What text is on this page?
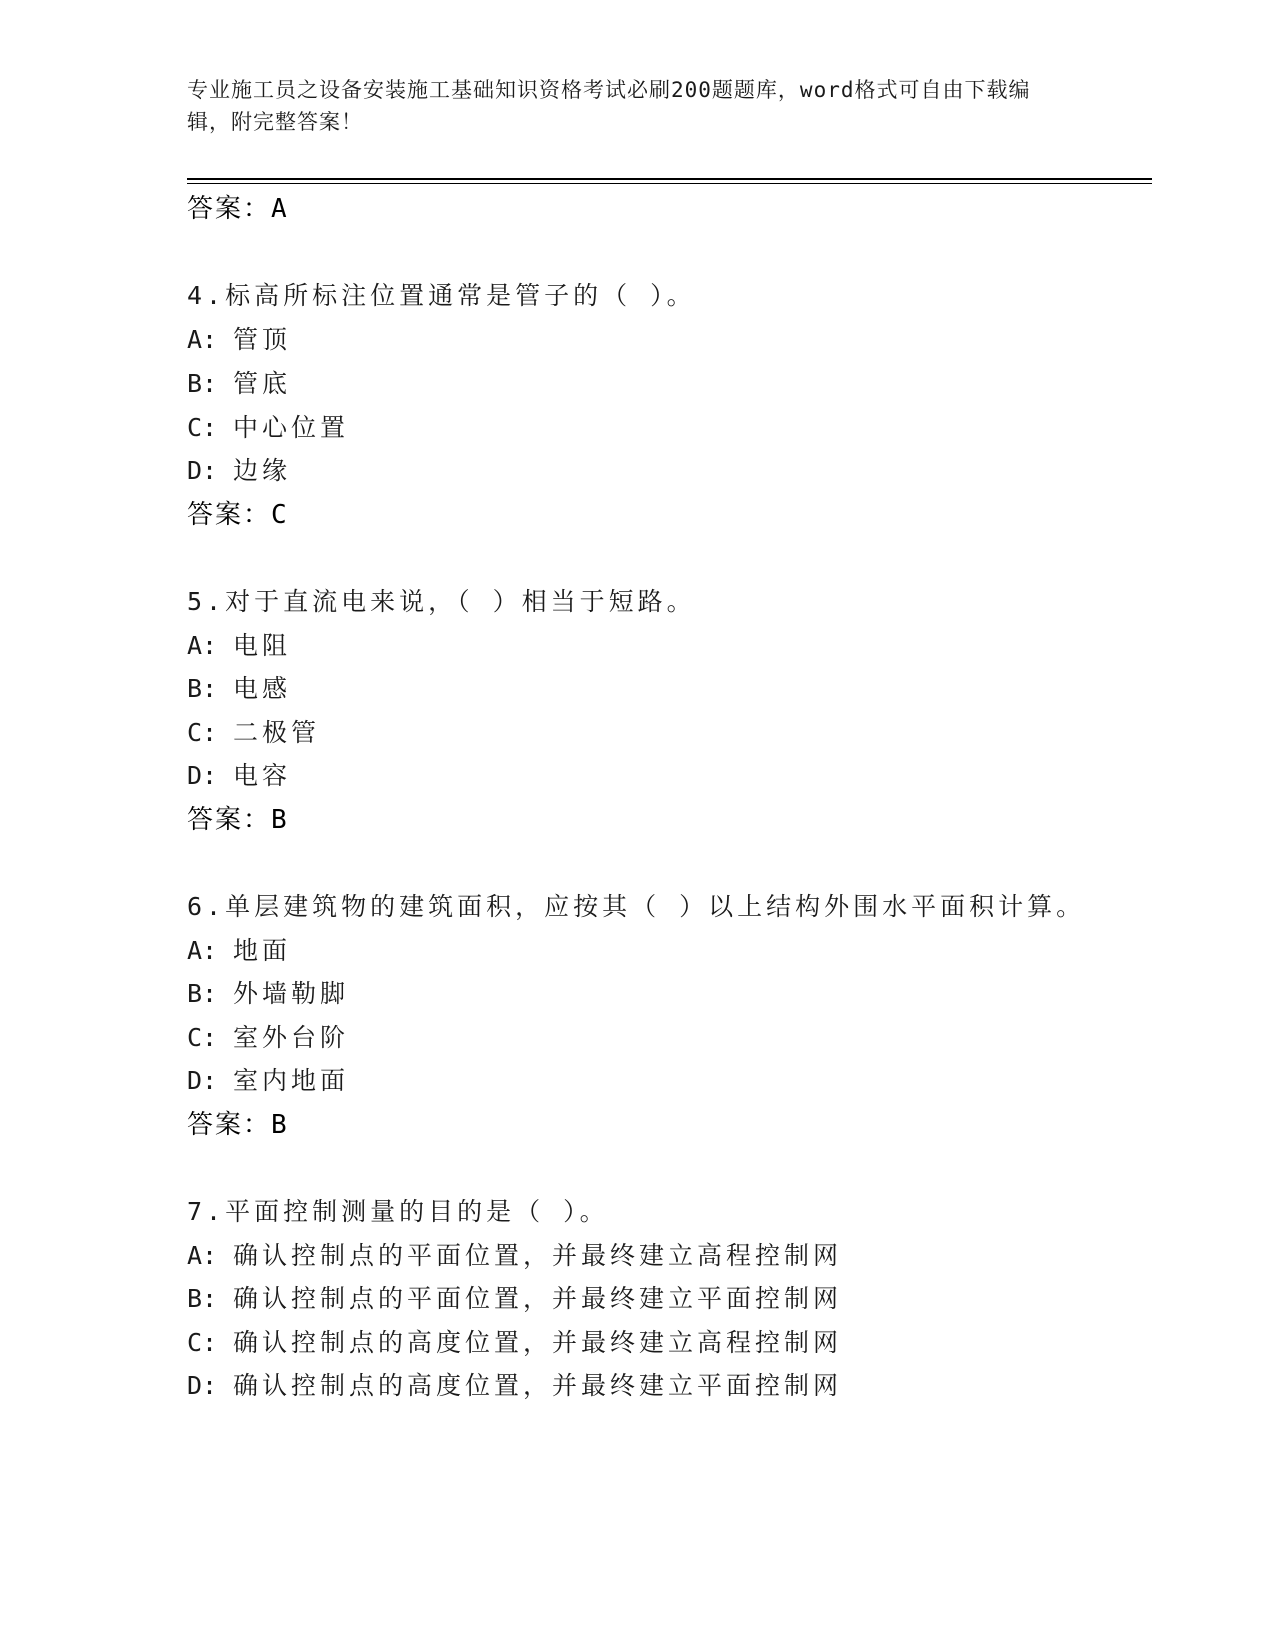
专业施工员之设备安装施工基础知识资格考试必刷200题题库，word格式可自由下载编辑，附完整答案！
答案：A
4.标高所标注位置通常是管子的（ ）。
A: 管顶
B: 管底
C: 中心位置
D: 边缘
答案：C
5.对于直流电来说，（ ）相当于短路。
A: 电阻
B: 电感
C: 二极管
D: 电容
答案：B
6.单层建筑物的建筑面积，应按其（ ）以上结构外围水平面积计算。
A: 地面
B: 外墙勒脚
C: 室外台阶
D: 室内地面
答案：B
7.平面控制测量的目的是（ ）。
A: 确认控制点的平面位置，并最终建立高程控制网
B: 确认控制点的平面位置，并最终建立平面控制网
C: 确认控制点的高度位置，并最终建立高程控制网
D: 确认控制点的高度位置，并最终建立平面控制网
